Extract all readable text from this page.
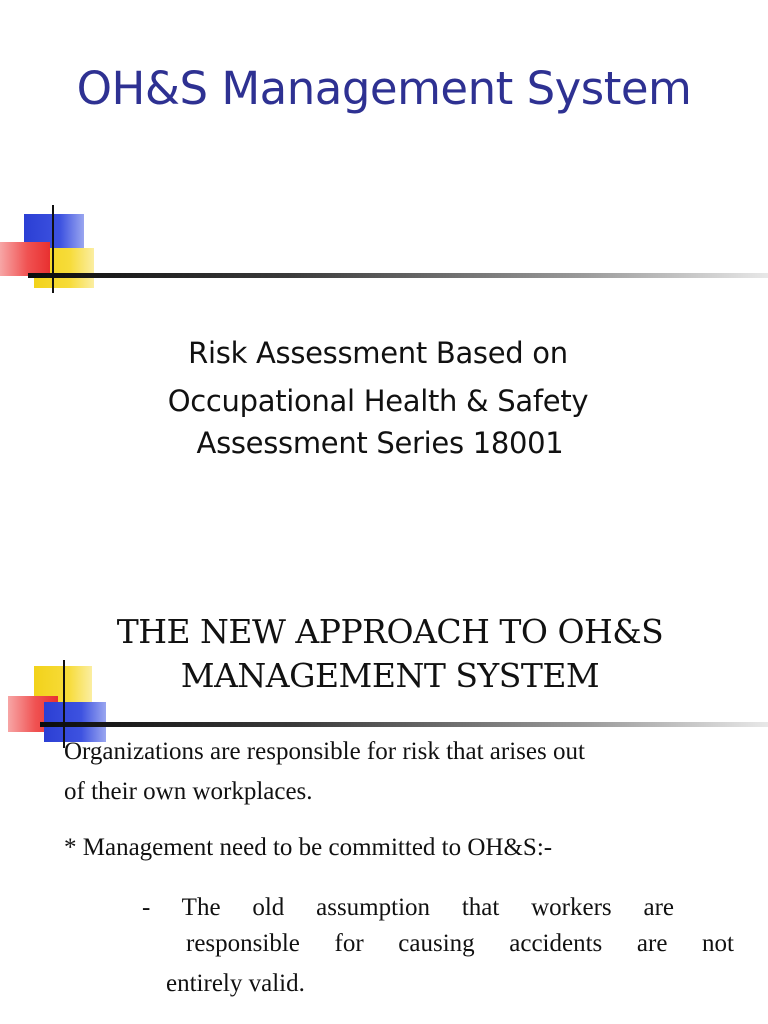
OH&S Management System
Risk Assessment Based on
Occupational Health & Safety
Assessment Series 18001
THE NEW APPROACH TO OH&S
MANAGEMENT SYSTEM
Organizations are responsible for risk that arises out
of their own workplaces.
* Management need to be committed to OH&S:-
- The old assumption that workers are
responsible for causing accidents are not
entirely valid.
